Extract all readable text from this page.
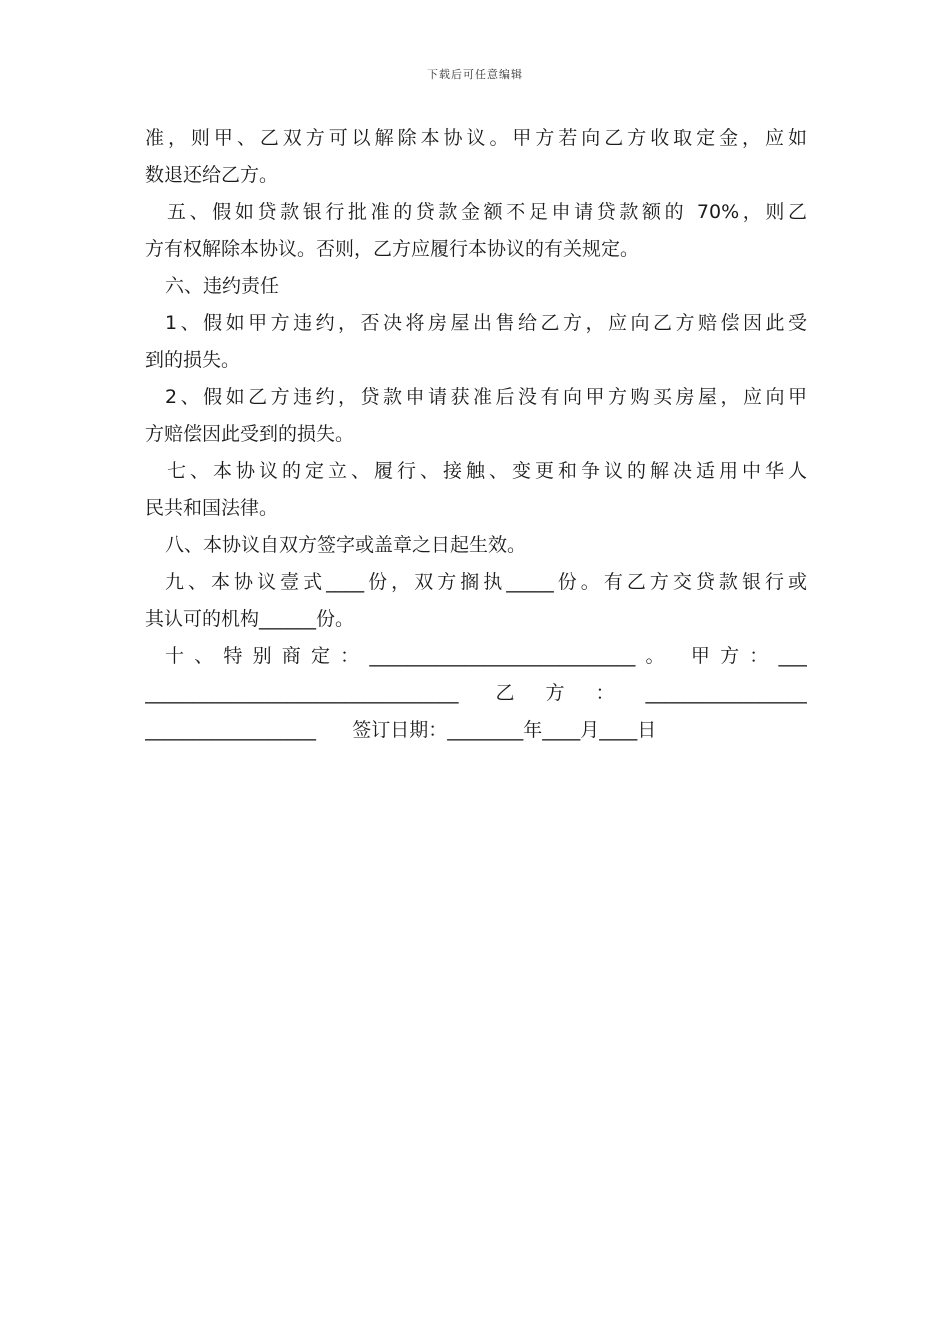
下载后可任意编辑
准，则甲、乙双方可以解除本协议。甲方若向乙方收取定金，应如
数退还给乙方。
五、假如贷款银行批准的贷款金额不足申请贷款额的 70%，则乙
方有权解除本协议。否则，乙方应履行本协议的有关规定。
六、违约责任
1、假如甲方违约，否决将房屋出售给乙方，应向乙方赔偿因此受
到的损失。
2、假如乙方违约，贷款申请获准后没有向甲方购买房屋，应向甲
方赔偿因此受到的损失。
七、本协议的定立、履行、接触、变更和争议的解决适用中华人
民共和国法律。
八、本协议自双方签字或盖章之日起生效。
九、本协议壹式____份，双方搁执_____份。有乙方交贷款银行或
其认可的机构______份。
十、特别商定：____________________________。 甲方：___
_________________________________ 乙方：_________________
__________________      签订日期：________年____月____日
